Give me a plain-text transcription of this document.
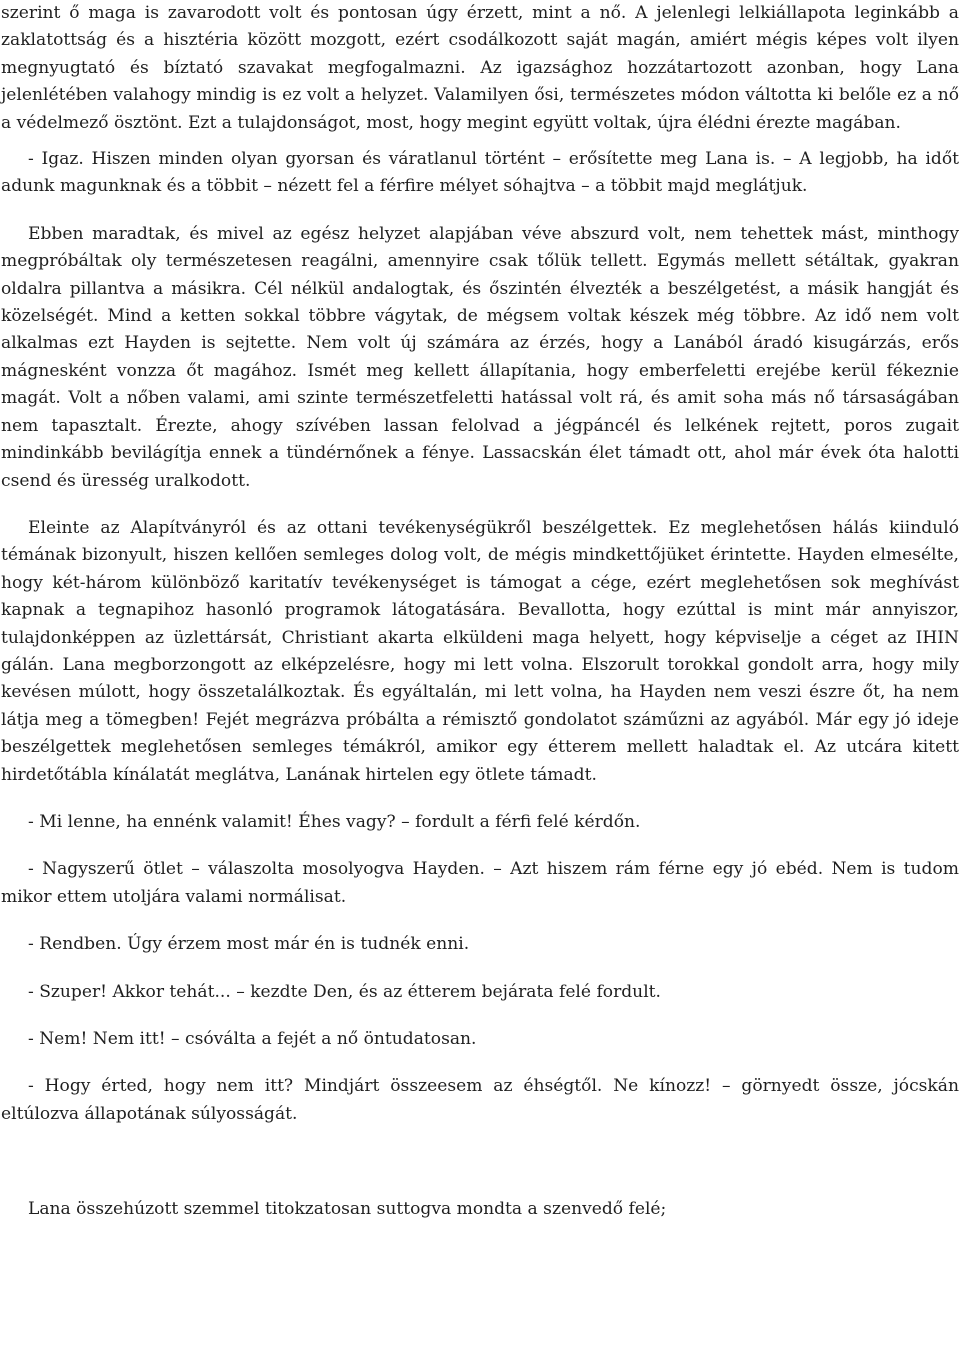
szerint ő maga is zavarodott volt és pontosan úgy érzett, mint a nő. A jelenlegi lelkiállapota leginkább a zaklatottság és a hisztéria között mozgott, ezért csodálkozott saját magán, amiért mégis képes volt ilyen megnyugtató és bíztató szavakat megfogalmazni. Az igazsághoz hozzátartozott azonban, hogy Lana jelenlétében valahogy mindig is ez volt a helyzet. Valamilyen ősi, természetes módon váltotta ki belőle ez a nő a védelmező ösztönt. Ezt a tulajdonságot, most, hogy megint együtt voltak, újra élédni érezte magában.

- Igaz. Hiszen minden olyan gyorsan és váratlanul történt – erősítette meg Lana is. – A legjobb, ha időt adunk magunknak és a többit – nézett fel a férfire mélyet sóhajtva – a többit majd meglátjuk.

Ebben maradtak, és mivel az egész helyzet alapjában véve abszurd volt, nem tehettek mást, minthogy megpróbáltak oly természetesen reagálni, amennyire csak tőlük tellett. Egymás mellett sétáltak, gyakran oldalra pillantva a másikra. Cél nélkül andalogtak, és őszintén élvezték a beszélgetést, a másik hangját és közelségét. Mind a ketten sokkal többre vágytak, de mégsem voltak készek még többre. Az idő nem volt alkalmas ezt Hayden is sejtette. Nem volt új számára az érzés, hogy a Lanából áradó kisugárzás, erős mágnesként vonzza őt magához. Ismét meg kellett állapítania, hogy emberfeletti erejébe kerül fékeznie magát. Volt a nőben valami, ami szinte természetfeletti hatással volt rá, és amit soha más nő társaságában nem tapasztalt. Érezte, ahogy szívében lassan felolvad a jégpáncél és lelkének rejtett, poros zugait mindinkább bevilágítja ennek a tündérnőnek a fénye. Lassacskán élet támadt ott, ahol már évek óta halotti csend és üresség uralkodott.

Eleinte az Alapítványról és az ottani tevékenységükről beszélgettek. Ez meglehetősen hálás kiinduló témának bizonyult, hiszen kellően semleges dolog volt, de mégis mindkettőjüket érintette. Hayden elmesélte, hogy két-három különböző karitatív tevékenységet is támogat a cége, ezért meglehetősen sok meghívást kapnak a tegnapihoz hasonló programok látogatására. Bevallotta, hogy ezúttal is mint már annyiszor, tulajdonképpen az üzlettársát, Christiant akarta elküldeni maga helyett, hogy képviselje a céget az IHIN gálán. Lana megborzongott az elképzelésre, hogy mi lett volna. Elszorult torokkal gondolt arra, hogy mily kevésen múlott, hogy összetalálkoztak. És egyáltalán, mi lett volna, ha Hayden nem veszi észre őt, ha nem látja meg a tömegben! Fejét megrázva próbálta a rémisztő gondolatot száműzni az agyából. Már egy jó ideje beszélgettek meglehetősen semleges témákról, amikor egy étterem mellett haladtak el. Az utcára kitett hirdetőtábla kínálatát meglátva, Lanának hirtelen egy ötlete támadt.

- Mi lenne, ha ennénk valamit! Éhes vagy? – fordult a férfi felé kérdőn.

- Nagyszerű ötlet – válaszolta mosolyogva Hayden. – Azt hiszem rám férne egy jó ebéd. Nem is tudom mikor ettem utoljára valami normálisat.

- Rendben. Úgy érzem most már én is tudnék enni.

- Szuper! Akkor tehát... – kezdte Den, és az étterem bejárata felé fordult.

- Nem! Nem itt! – csóválta a fejét a nő öntudatosan.

- Hogy érted, hogy nem itt? Mindjárt összeesem az éhségtől. Ne kínozz! – görnyedt össze, jócskán eltúlozva állapotának súlyosságát.

Lana összehúzott szemmel titokzatosan suttogva mondta a szenvedő felé;
